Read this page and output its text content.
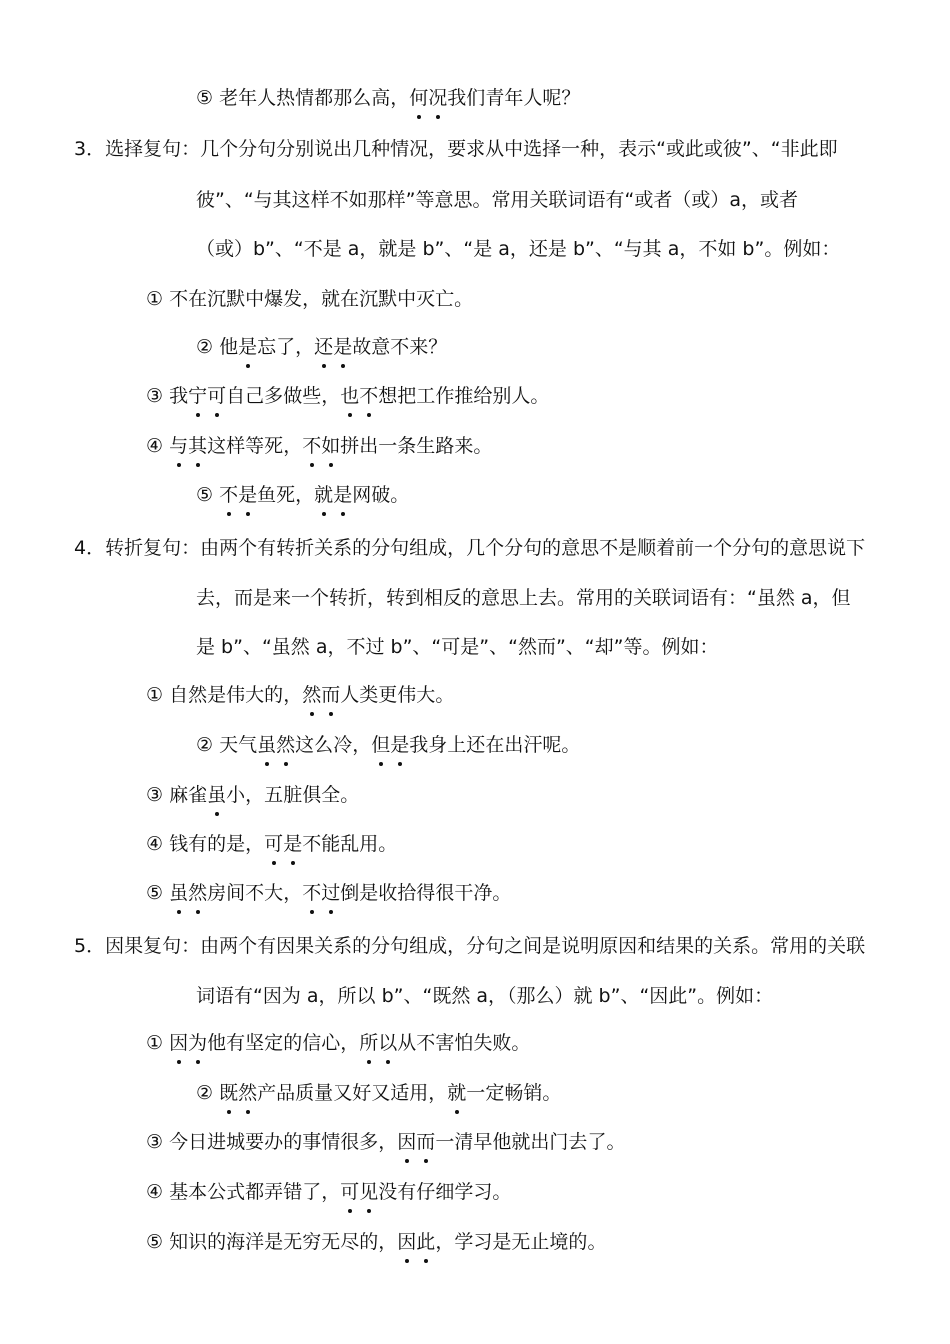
⑤ 老年人热情都那么高，何况我们青年人呢？
3．选择复句：几个分句分别说出几种情况，要求从中选择一种，表示“或此或彼”、“非此即
彼”、“与其这样不如那样”等意思。常用关联词语有“或者（或）a，或者
（或）b”、“不是 a，就是 b”、“是 a，还是 b”、“与其 a，不如 b”。例如：
① 不在沉默中爆发，就在沉默中灭亡。
② 他是忘了，还是故意不来？
③ 我宁可自己多做些，也不想把工作推给别人。
④ 与其这样等死，不如拼出一条生路来。
⑤ 不是鱼死，就是网破。
4．转折复句：由两个有转折关系的分句组成，几个分句的意思不是顺着前一个分句的意思说下
去，而是来一个转折，转到相反的意思上去。常用的关联词语有：“虽然 a，但
是 b”、“虽然 a，不过 b”、“可是”、“然而”、“却”等。例如：
① 自然是伟大的，然而人类更伟大。
② 天气虽然这么冷，但是我身上还在出汗呢。
③ 麻雀虽小，五脏俱全。
④ 钱有的是，可是不能乱用。
⑤ 虽然房间不大，不过倒是收拾得很干净。
5．因果复句：由两个有因果关系的分句组成，分句之间是说明原因和结果的关系。常用的关联
词语有“因为 a，所以 b”、“既然 a，（那么）就 b”、“因此”。例如：
① 因为他有坚定的信心，所以从不害怕失败。
② 既然产品质量又好又适用，就一定畅销。
③ 今日进城要办的事情很多，因而一清早他就出门去了。
④ 基本公式都弄错了，可见没有仔细学习。
⑤ 知识的海洋是无穷无尽的，因此，学习是无止境的。
